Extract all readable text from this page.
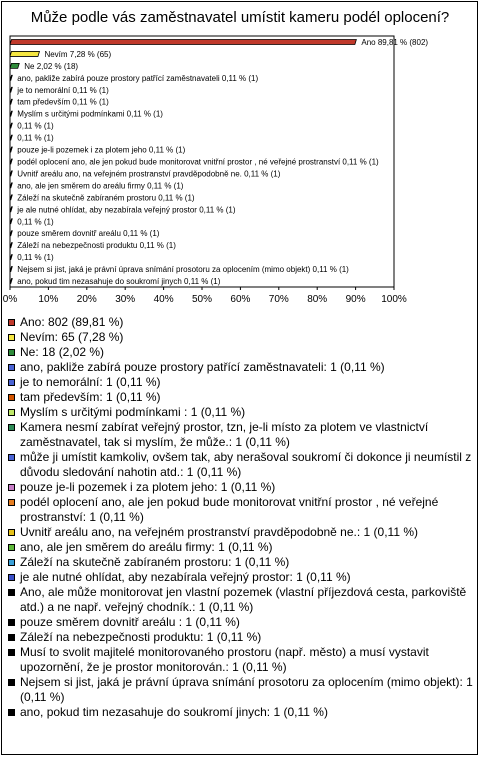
Může podle vás zaměstnavatel umístit kameru podél oplocení?
0% 10% 20% 30% 40% 50% 60% 70% 80% 90% 100%
Ano 89,81 % (802)
Nevím 7,28 % (65)
Ne 2,02 % (18)
ano, pakliže zabírá pouze prostory patřící zaměstnavateli 0,11 % (1)
je to nemorální 0,11 % (1)
tam především 0,11 % (1)
Myslím s určitými podmínkami 0,11 % (1)
0,11 % (1)
0,11 % (1)
pouze je-li pozemek i za plotem jeho 0,11 % (1)
podél oplocení ano, ale jen pokud bude monitorovat vnitřní prostor , né veřejné prostranství 0,11 % (1)
Uvnitř areálu ano, na veřejném prostranství pravděpodobně ne. 0,11 % (1)
ano, ale jen směrem do areálu firmy 0,11 % (1)
Záleží na skutečně zabíraném prostoru 0,11 % (1)
je ale nutné ohlídat, aby nezabírala veřejný prostor 0,11 % (1)
0,11 % (1)
pouze směrem dovnitř areálu 0,11 % (1)
Záleží na nebezpečnosti produktu 0,11 % (1)
0,11 % (1)
Nejsem si jist, jaká je právní úprava snímání prosotoru za oplocením (mimo objekt) 0,11 % (1)
ano, pokud tim nezasahuje do soukromí jinych 0,11 % (1)
Ano: 802 (89,81 %)
Nevím: 65 (7,28 %)
Ne: 18 (2,02 %)
ano, pakliže zabírá pouze prostory patřící zaměstnavateli: 1 (0,11 %)
je to nemorální: 1 (0,11 %)
tam především: 1 (0,11 %)
Myslím s určitými podmínkami : 1 (0,11 %)
Kamera nesmí zabírat veřejný prostor, tzn, je-li místo za plotem ve vlastnictví zaměstnavatel, tak si myslím, že může.: 1 (0,11 %)
může ji umístit kamkoliv, ovšem tak, aby nerašoval soukromí či dokonce ji neumístil z důvodu sledování nahotin atd.: 1 (0,11 %)
pouze je-li pozemek i za plotem jeho: 1 (0,11 %)
podél oplocení ano, ale jen pokud bude monitorovat vnitřní prostor , né veřejné prostranství: 1 (0,11 %)
Uvnitř areálu ano, na veřejném prostranství pravděpodobně ne.: 1 (0,11 %)
ano, ale jen směrem do areálu firmy: 1 (0,11 %)
Záleží na skutečně zabíraném prostoru: 1 (0,11 %)
je ale nutné ohlídat, aby nezabírala veřejný prostor: 1 (0,11 %)
Ano, ale může monitorovat jen vlastní pozemek (vlastní příjezdová cesta, parkoviště atd.) a ne např. veřejný chodník.: 1 (0,11 %)
pouze směrem dovnitř areálu : 1 (0,11 %)
Záleží na nebezpečnosti produktu: 1 (0,11 %)
Musí to svolit majitelé monitorovaného prostoru (např. město) a musí vystavit upozornění, že je prostor monitorován.: 1 (0,11 %)
Nejsem si jist, jaká je právní úprava snímání prosotoru za oplocením (mimo objekt): 1 (0,11 %)
ano, pokud tim nezasahuje do soukromí jinych: 1 (0,11 %)
